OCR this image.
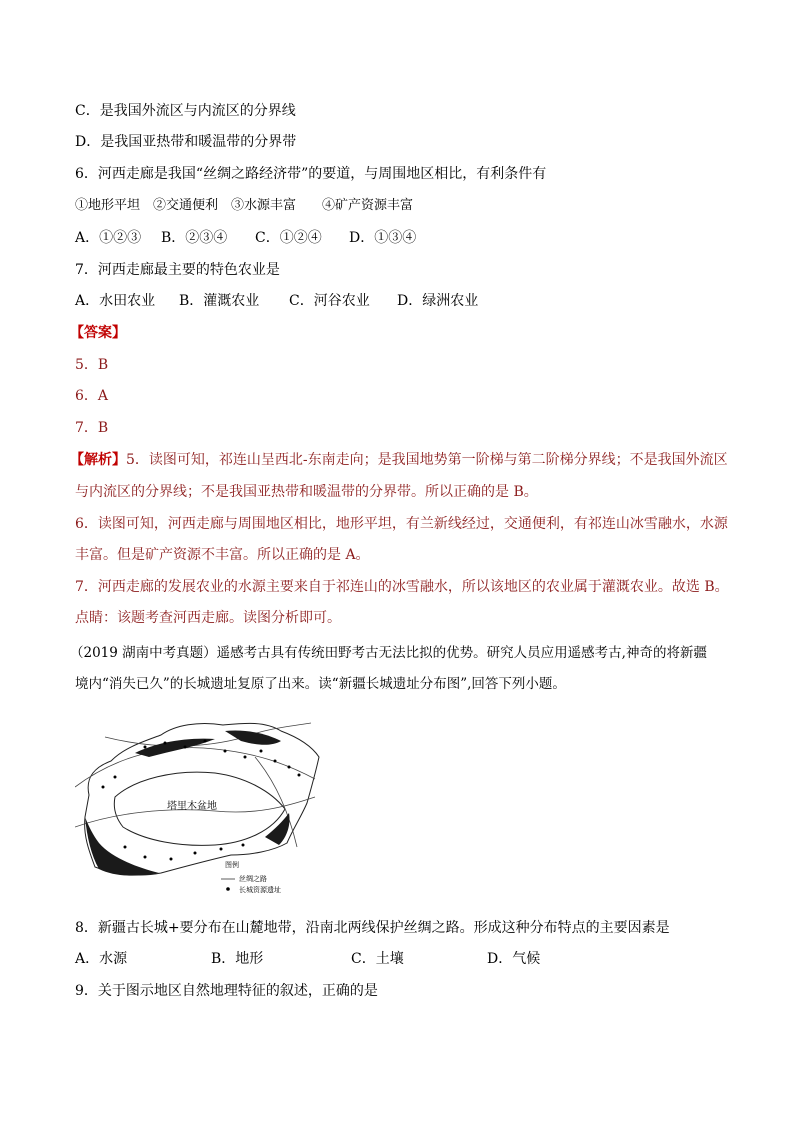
C．是我国外流区与内流区的分界线
D．是我国亚热带和暖温带的分界带
6．河西走廊是我国“丝绸之路经济带”的要道，与周围地区相比，有利条件有
①地形平坦　②交通便利　③水源丰富　　④矿产资源丰富
A．①②③ B．②③④ C．①②④ D．①③④
7．河西走廊最主要的特色农业是
A．水田农业 B．灌溉农业 C．河谷农业 D．绿洲农业
【答案】
5．B
6．A
7．B
【解析】5．读图可知，祁连山呈西北-东南走向；是我国地势第一阶梯与第二阶梯分界线；不是我国外流区
与内流区的分界线；不是我国亚热带和暖温带的分界带。所以正确的是 B。
6．读图可知，河西走廊与周围地区相比，地形平坦，有兰新线经过，交通便利，有祁连山冰雪融水，水源
丰富。但是矿产资源不丰富。所以正确的是 A。
7．河西走廊的发展农业的水源主要来自于祁连山的冰雪融水，所以该地区的农业属于灌溉农业。故选 B。
点睛：该题考查河西走廊。读图分析即可。
（2019 湖南中考真题）遥感考古具有传统田野考古无法比拟的优势。研究人员应用遥感考古,神奇的将新疆
境内“消失已久”的长城遗址复原了出来。读“新疆长城遗址分布图”,回答下列小题。
塔里木盆地
图例
丝绸之路
长城资源遗址
8．新疆古长城+要分布在山麓地带，沿南北两线保护丝绸之路。形成这种分布特点的主要因素是
A．水源	B．地形	C．土壤	D．气候
9．关于图示地区自然地理特征的叙述，正确的是
